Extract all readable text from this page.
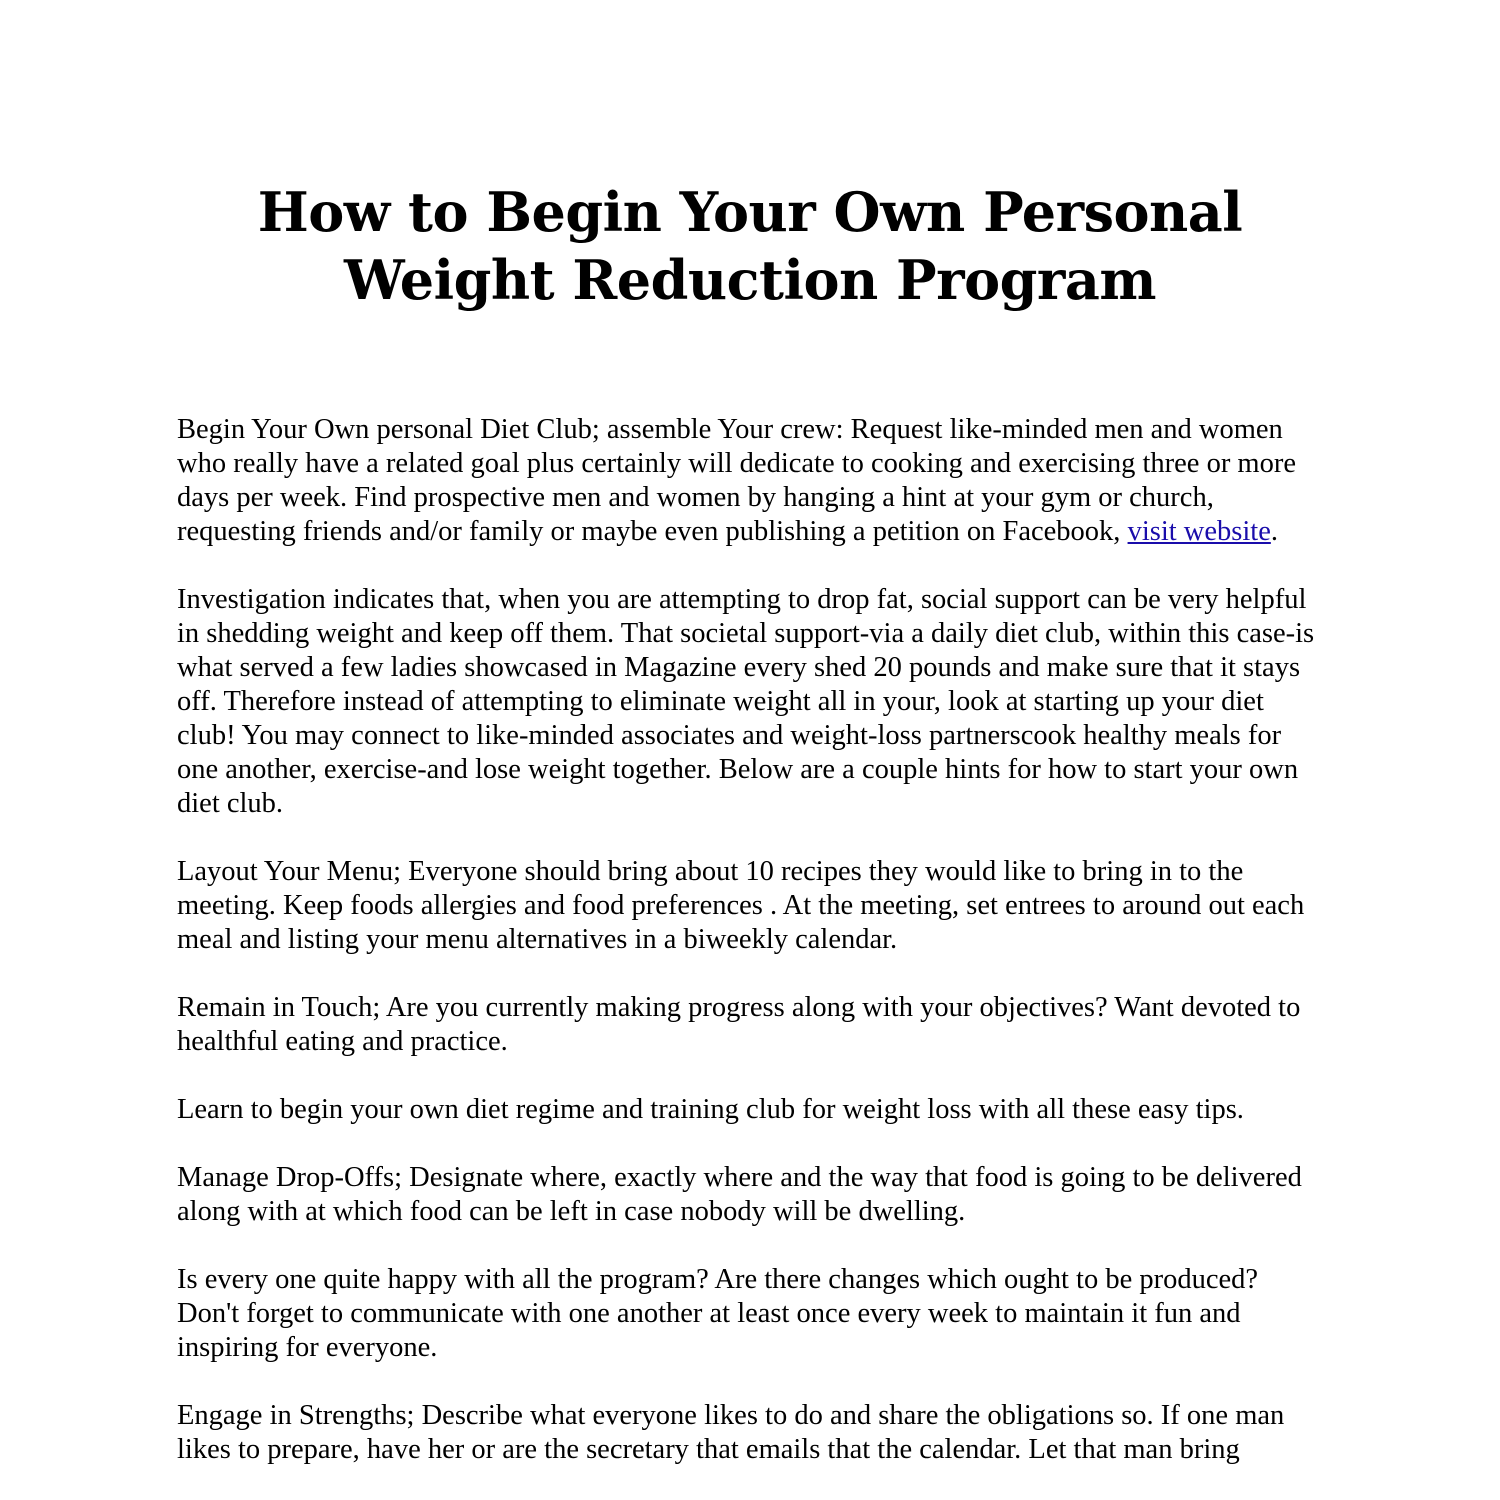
How to Begin Your Own Personal Weight Reduction Program

Begin Your Own personal Diet Club; assemble Your crew: Request like-minded men and women who really have a related goal plus certainly will dedicate to cooking and exercising three or more days per week. Find prospective men and women by hanging a hint at your gym or church, requesting friends and/or family or maybe even publishing a petition on Facebook, visit website.

Investigation indicates that, when you are attempting to drop fat, social support can be very helpful in shedding weight and keep off them. That societal support-via a daily diet club, within this case-is what served a few ladies showcased in Magazine every shed 20 pounds and make sure that it stays off. Therefore instead of attempting to eliminate weight all in your, look at starting up your diet club! You may connect to like-minded associates and weight-loss partnerscook healthy meals for one another, exercise-and lose weight together. Below are a couple hints for how to start your own diet club.

Layout Your Menu; Everyone should bring about 10 recipes they would like to bring in to the meeting. Keep foods allergies and food preferences . At the meeting, set entrees to around out each meal and listing your menu alternatives in a biweekly calendar.

Remain in Touch; Are you currently making progress along with your objectives? Want devoted to healthful eating and practice.

Learn to begin your own diet regime and training club for weight loss with all these easy tips.

Manage Drop-Offs; Designate where, exactly where and the way that food is going to be delivered along with at which food can be left in case nobody will be dwelling.

Is every one quite happy with all the program? Are there changes which ought to be produced? Don't forget to communicate with one another at least once every week to maintain it fun and inspiring for everyone.

Engage in Strengths; Describe what everyone likes to do and share the obligations so. If one man likes to prepare, have her or are the secretary that emails that the calendar. Let that man bring
